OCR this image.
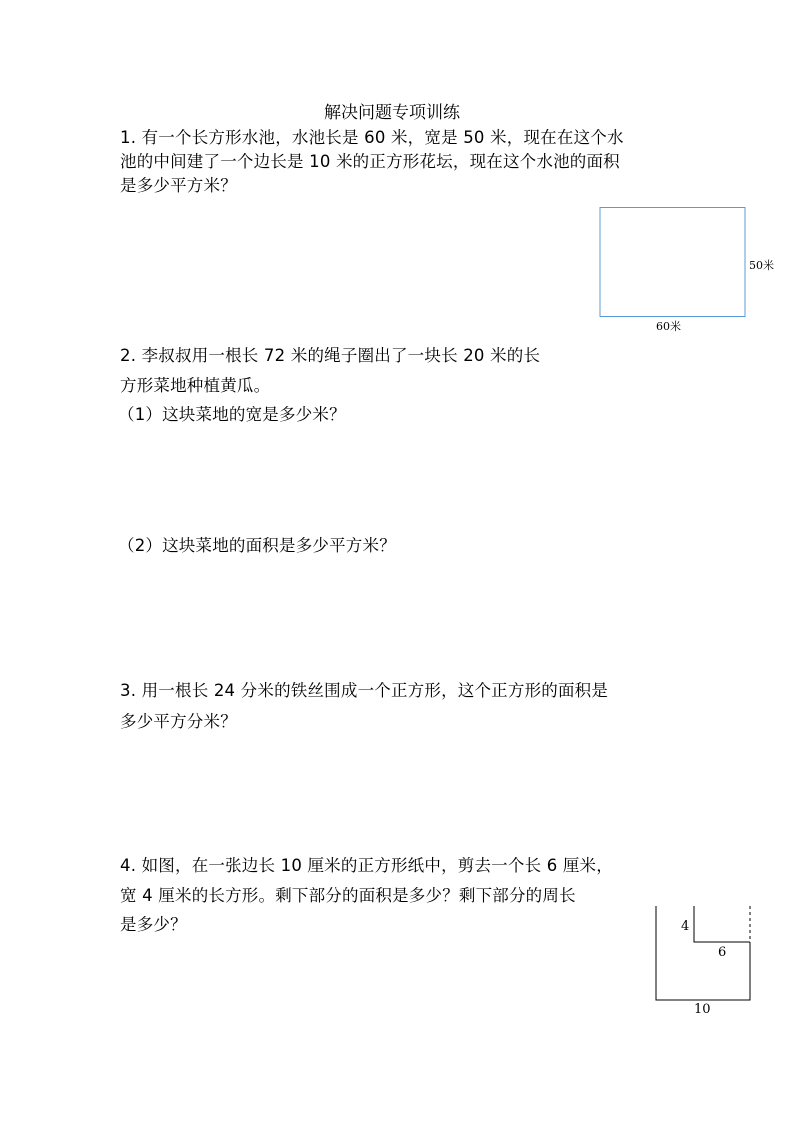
解决问题专项训练
1. 有一个长方形水池，水池长是 60 米，宽是 50 米，现在在这个水
池的中间建了一个边长是 10 米的正方形花坛，现在这个水池的面积
是多少平方米？
50米
60米
2. 李叔叔用一根长 72 米的绳子圈出了一块长 20 米的长
方形菜地种植黄瓜。
（1）这块菜地的宽是多少米？
（2）这块菜地的面积是多少平方米？
3. 用一根长 24 分米的铁丝围成一个正方形，这个正方形的面积是
多少平方分米？
4. 如图，在一张边长 10 厘米的正方形纸中，剪去一个长 6 厘米，
宽 4 厘米的长方形。剩下部分的面积是多少？剩下部分的周长
是多少？	4
6
10
